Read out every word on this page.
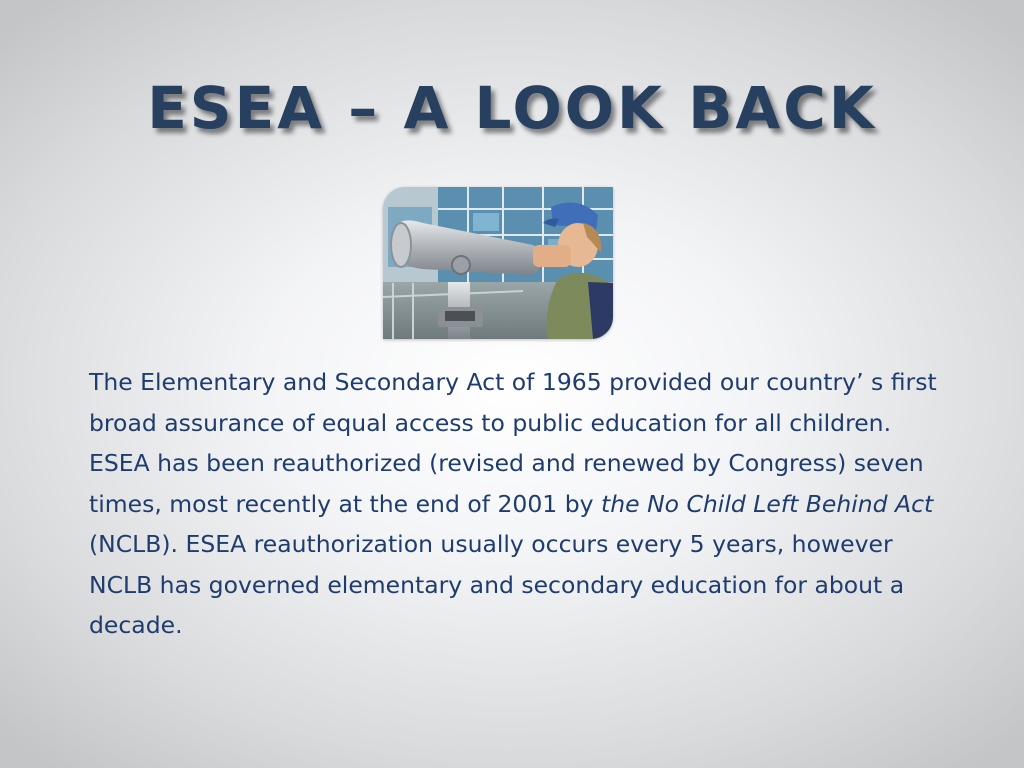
ESEA – A LOOK BACK

The Elementary and Secondary Act of 1965 provided our country’ s first broad assurance of equal access to public education for all children. ESEA has been reauthorized (revised and renewed by Congress) seven times, most recently at the end of 2001 by the No Child Left Behind Act (NCLB). ESEA reauthorization usually occurs every 5 years, however NCLB has governed elementary and secondary education for about a decade.
